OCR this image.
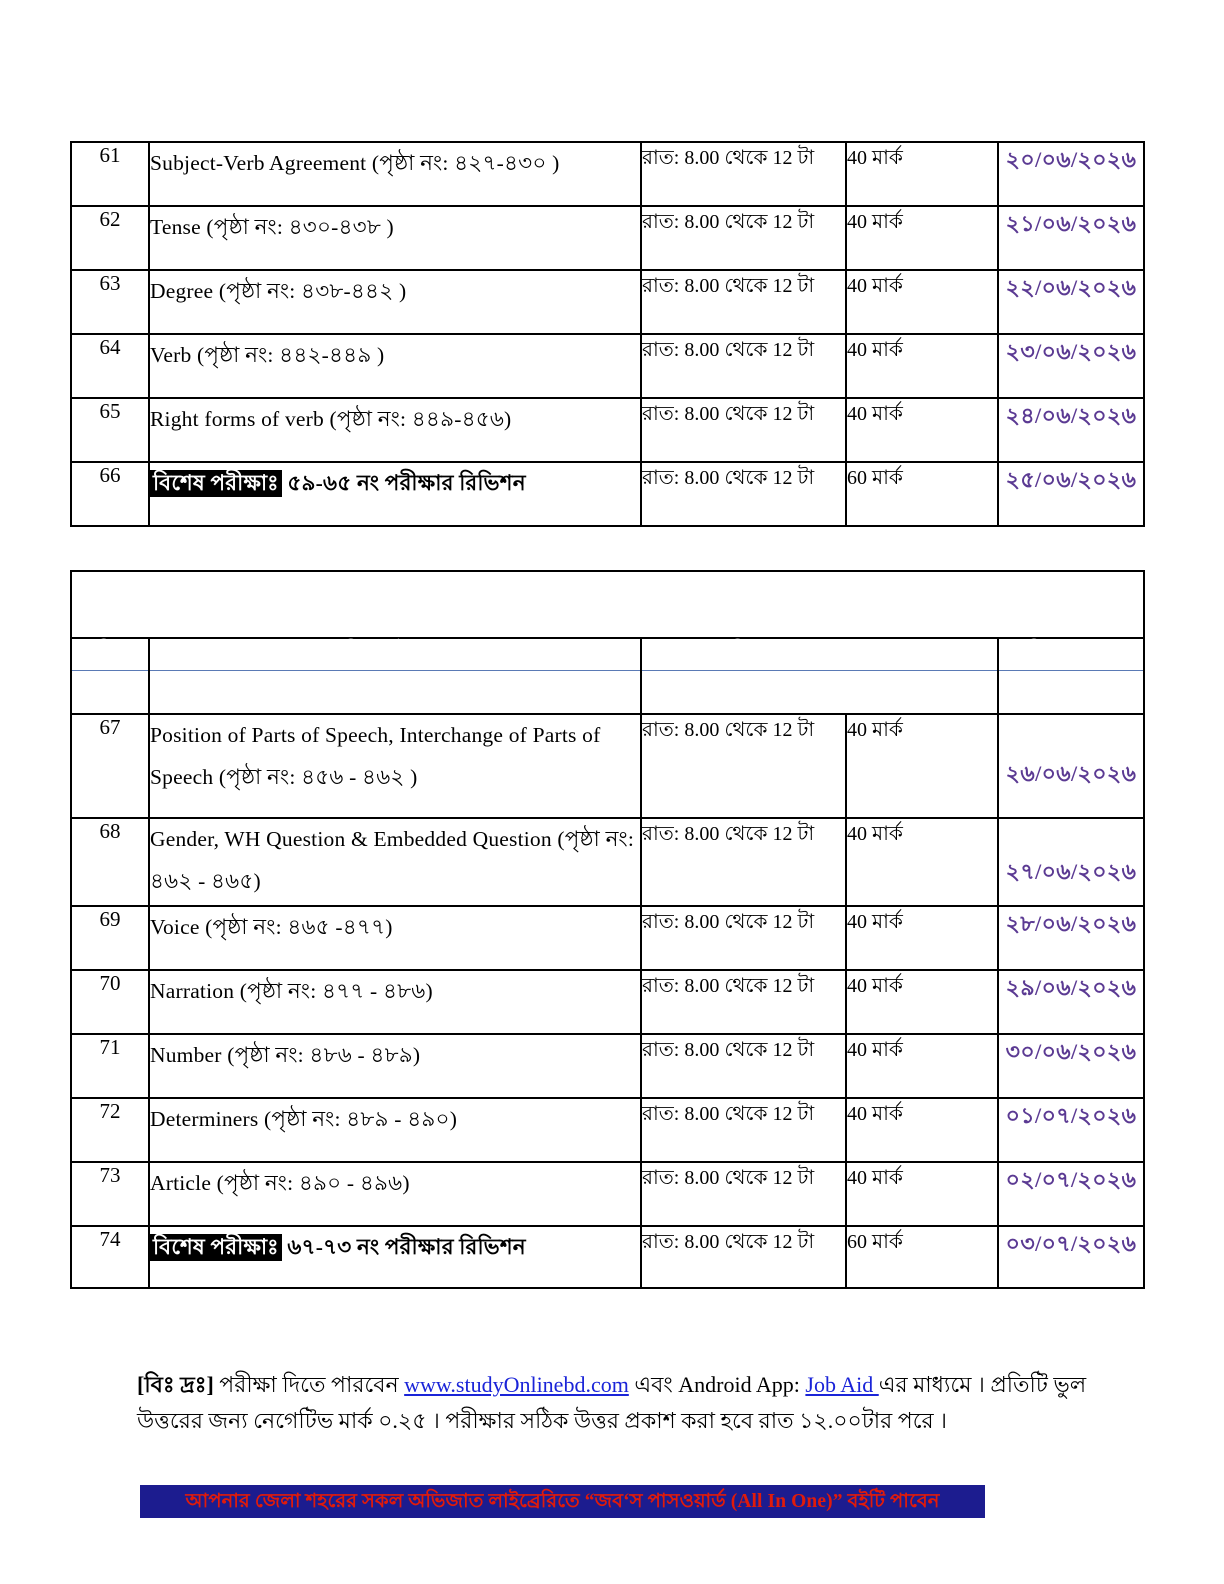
61	Subject-Verb Agreement (পৃষ্ঠা নং: ৪২৭-৪৩০ )	রাত: 8.00 থেকে 12 টা	40 মার্ক	২০/০৬/২০২৬
62	Tense (পৃষ্ঠা নং: ৪৩০-৪৩৮ )	রাত: 8.00 থেকে 12 টা	40 মার্ক	২১/০৬/২০২৬
63	Degree (পৃষ্ঠা নং: ৪৩৮-৪৪২ )	রাত: 8.00 থেকে 12 টা	40 মার্ক	২২/০৬/২০২৬
64	Verb (পৃষ্ঠা নং: ৪৪২-৪৪৯ )	রাত: 8.00 থেকে 12 টা	40 মার্ক	২৩/০৬/২০২৬
65	Right forms of verb (পৃষ্ঠা নং: ৪৪৯-৪৫৬)	রাত: 8.00 থেকে 12 টা	40 মার্ক	২৪/০৬/২০২৬
66	বিশেষ পরীক্ষাঃ ৫৯-৬৫ নং পরীক্ষার রিভিশন	রাত: 8.00 থেকে 12 টা	60 মার্ক	২৫/০৬/২০২৬
পরিকল্পনা-09				

পরীক্ষা
নং	পরীক্ষার টপিক &
জব‘স পাসওয়ার্ড (All In One) বইয়ের পৃষ্ঠা নাম্বার	পরীক্ষা দেওয়ার সময় ও মার্ক		পরীক্ষার তারিখ

67	Position of Parts of Speech, Interchange of Parts of Speech (পৃষ্ঠা নং: ৪৫৬ - ৪৬২ )	রাত: 8.00 থেকে 12 টা	40 মার্ক	২৬/০৬/২০২৬
68	Gender, WH Question & Embedded Question (পৃষ্ঠা নং: ৪৬২ - ৪৬৫)	রাত: 8.00 থেকে 12 টা	40 মার্ক	২৭/০৬/২০২৬
69	Voice (পৃষ্ঠা নং: ৪৬৫ -৪৭৭)	রাত: 8.00 থেকে 12 টা	40 মার্ক	২৮/০৬/২০২৬
70	Narration (পৃষ্ঠা নং: ৪৭৭ - ৪৮৬)	রাত: 8.00 থেকে 12 টা	40 মার্ক	২৯/০৬/২০২৬
71	Number (পৃষ্ঠা নং: ৪৮৬ - ৪৮৯)	রাত: 8.00 থেকে 12 টা	40 মার্ক	৩০/০৬/২০২৬
72	Determiners (পৃষ্ঠা নং: ৪৮৯ - ৪৯০)	রাত: 8.00 থেকে 12 টা	40 মার্ক	০১/০৭/২০২৬
73	Article (পৃষ্ঠা নং: ৪৯০ - ৪৯৬)	রাত: 8.00 থেকে 12 টা	40 মার্ক	০২/০৭/২০২৬
74	বিশেষ পরীক্ষাঃ ৬৭-৭৩ নং পরীক্ষার রিভিশন	রাত: 8.00 থেকে 12 টা	60 মার্ক	০৩/০৭/২০২৬
[বিঃ দ্রঃ] পরীক্ষা দিতে পারবেন www.studyOnlinebd.com এবং Android App: Job Aid এর মাধ্যমে । প্রতিটি ভুল উত্তরের জন্য নেগেটিভ মার্ক ০.২৫ । পরীক্ষার সঠিক উত্তর প্রকাশ করা হবে রাত ১২.০০টার পরে ।
আপনার জেলা শহরের সকল অভিজাত লাইব্রেরিতে “জব‘স পাসওয়ার্ড (All In One)” বইটি পাবেন
